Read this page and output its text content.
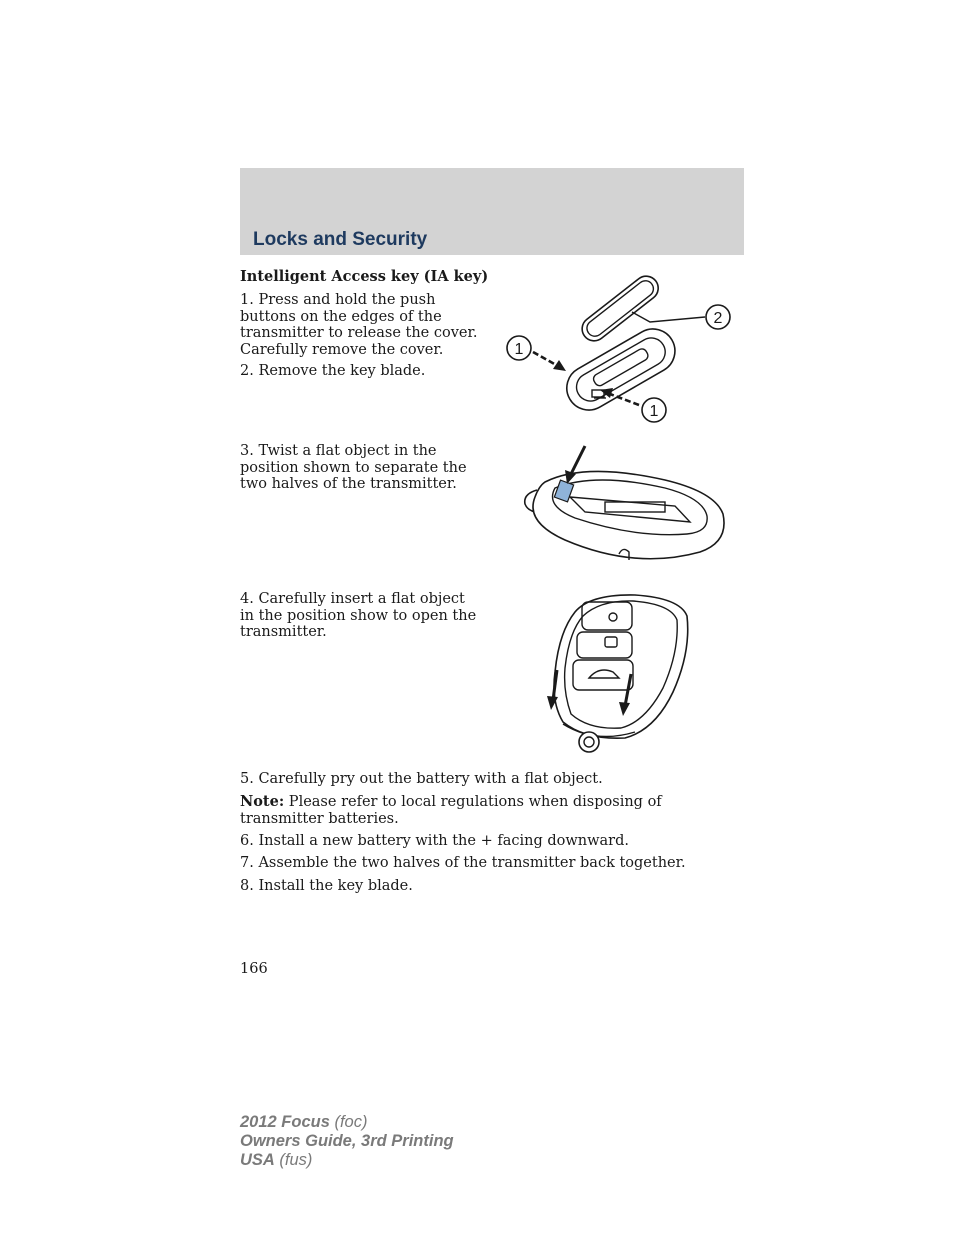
Locks and Security

Intelligent Access key (IA key)

1. Press and hold the push buttons on the edges of the transmitter to release the cover. Carefully remove the cover.

2. Remove the key blade.

3. Twist a flat object in the position shown to separate the two halves of the transmitter.

4. Carefully insert a flat object in the position show to open the transmitter.

5. Carefully pry out the battery with a flat object.

Note: Please refer to local regulations when disposing of transmitter batteries.

6. Install a new battery with the + facing downward.

7. Assemble the two halves of the transmitter back together.

8. Install the key blade.

1
1
2
166
2012 Focus (foc)
Owners Guide, 3rd Printing
USA (fus)
